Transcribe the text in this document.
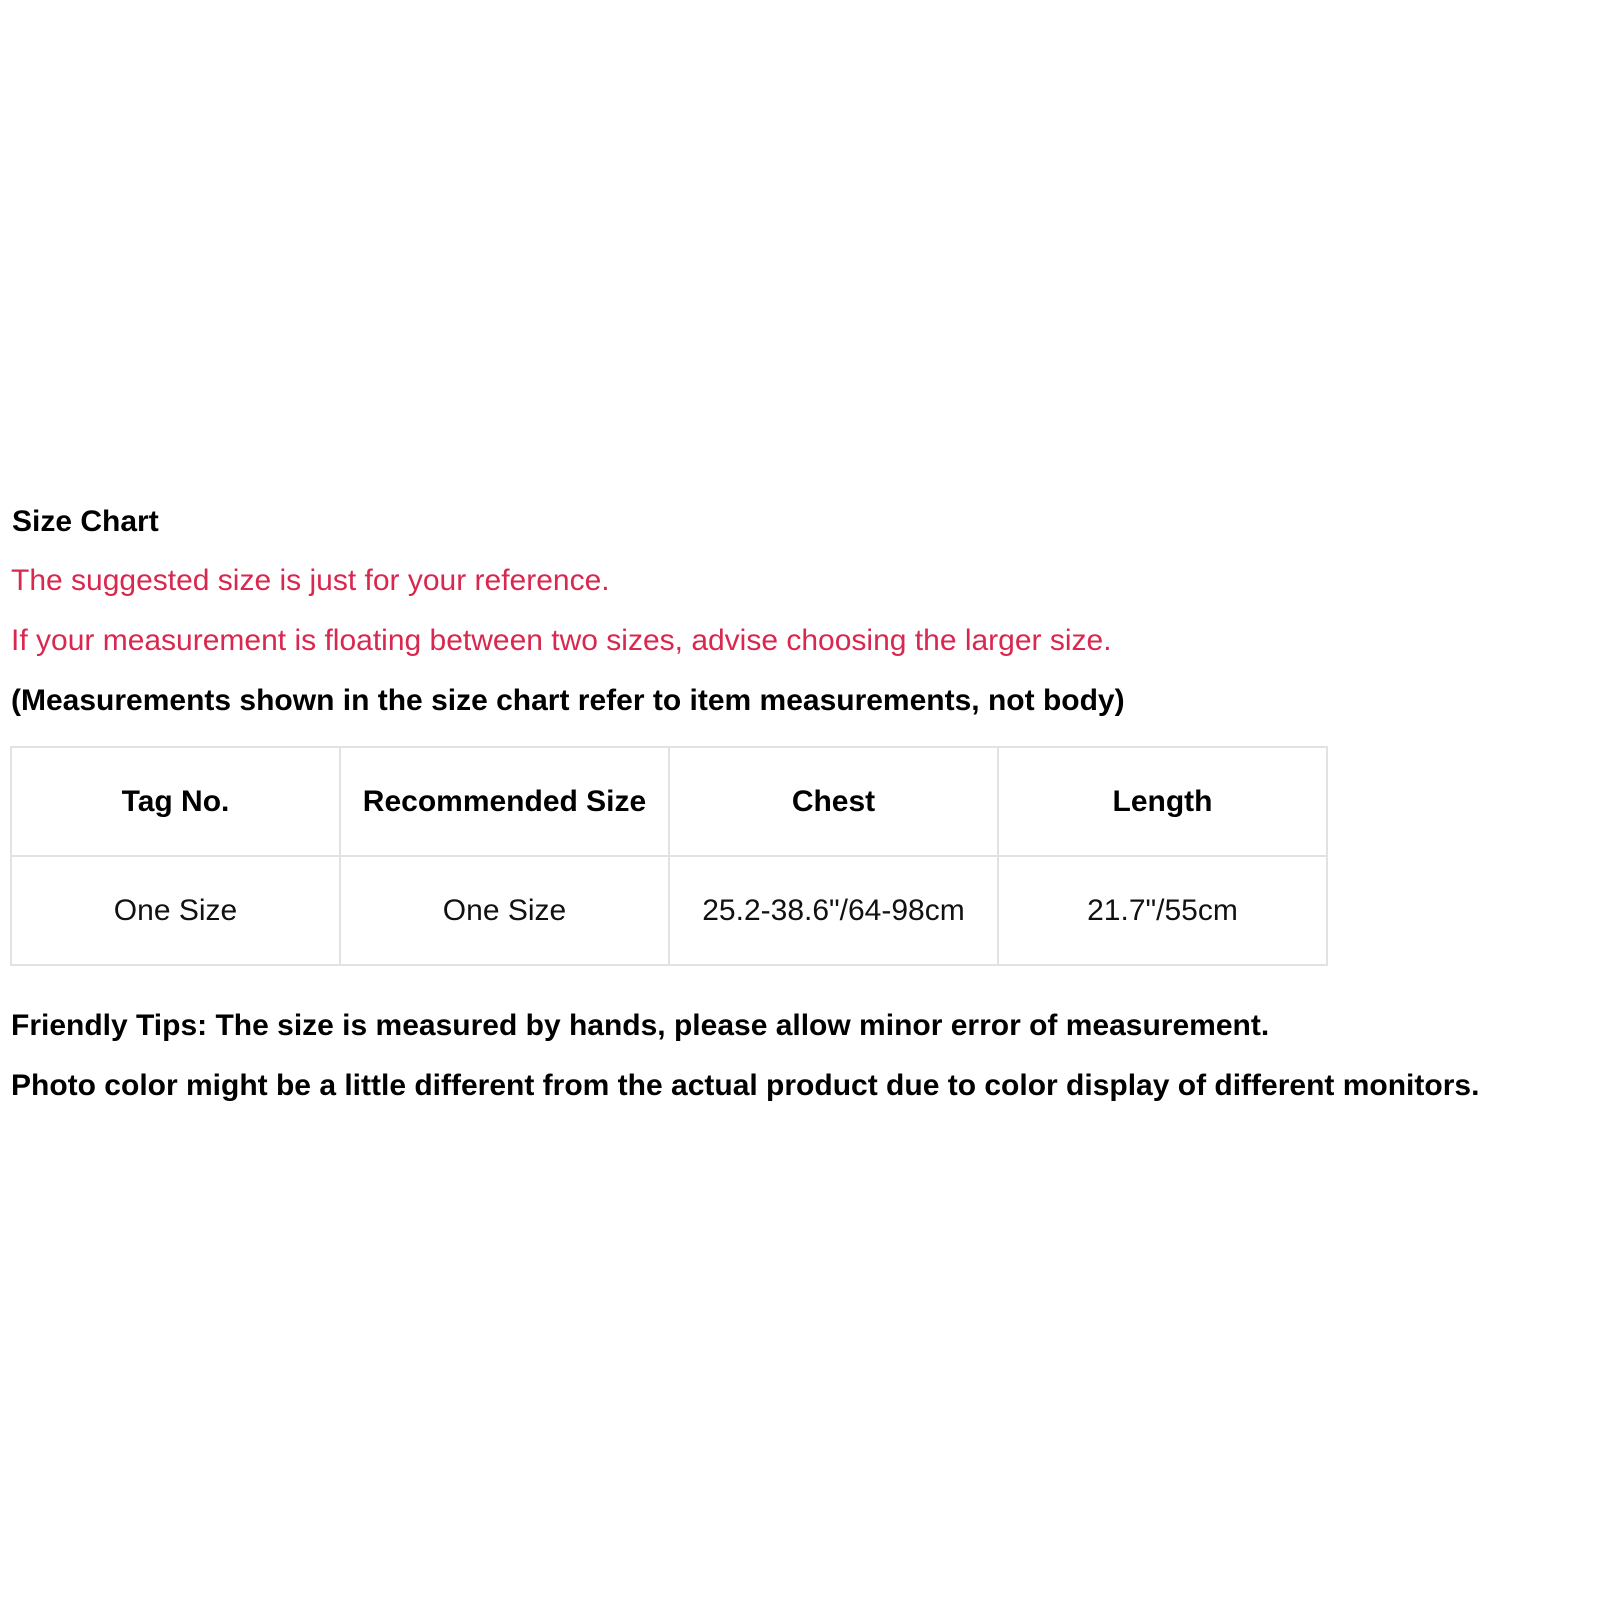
Size Chart
The suggested size is just for your reference.
If your measurement is floating between two sizes, advise choosing the larger size.
(Measurements shown in the size chart refer to item measurements, not body)
Tag No.	Recommended Size	Chest	Length
One Size	One Size	25.2-38.6"/64-98cm	21.7"/55cm
Friendly Tips: The size is measured by hands, please allow minor error of measurement.
Photo color might be a little different from the actual product due to color display of different monitors.
